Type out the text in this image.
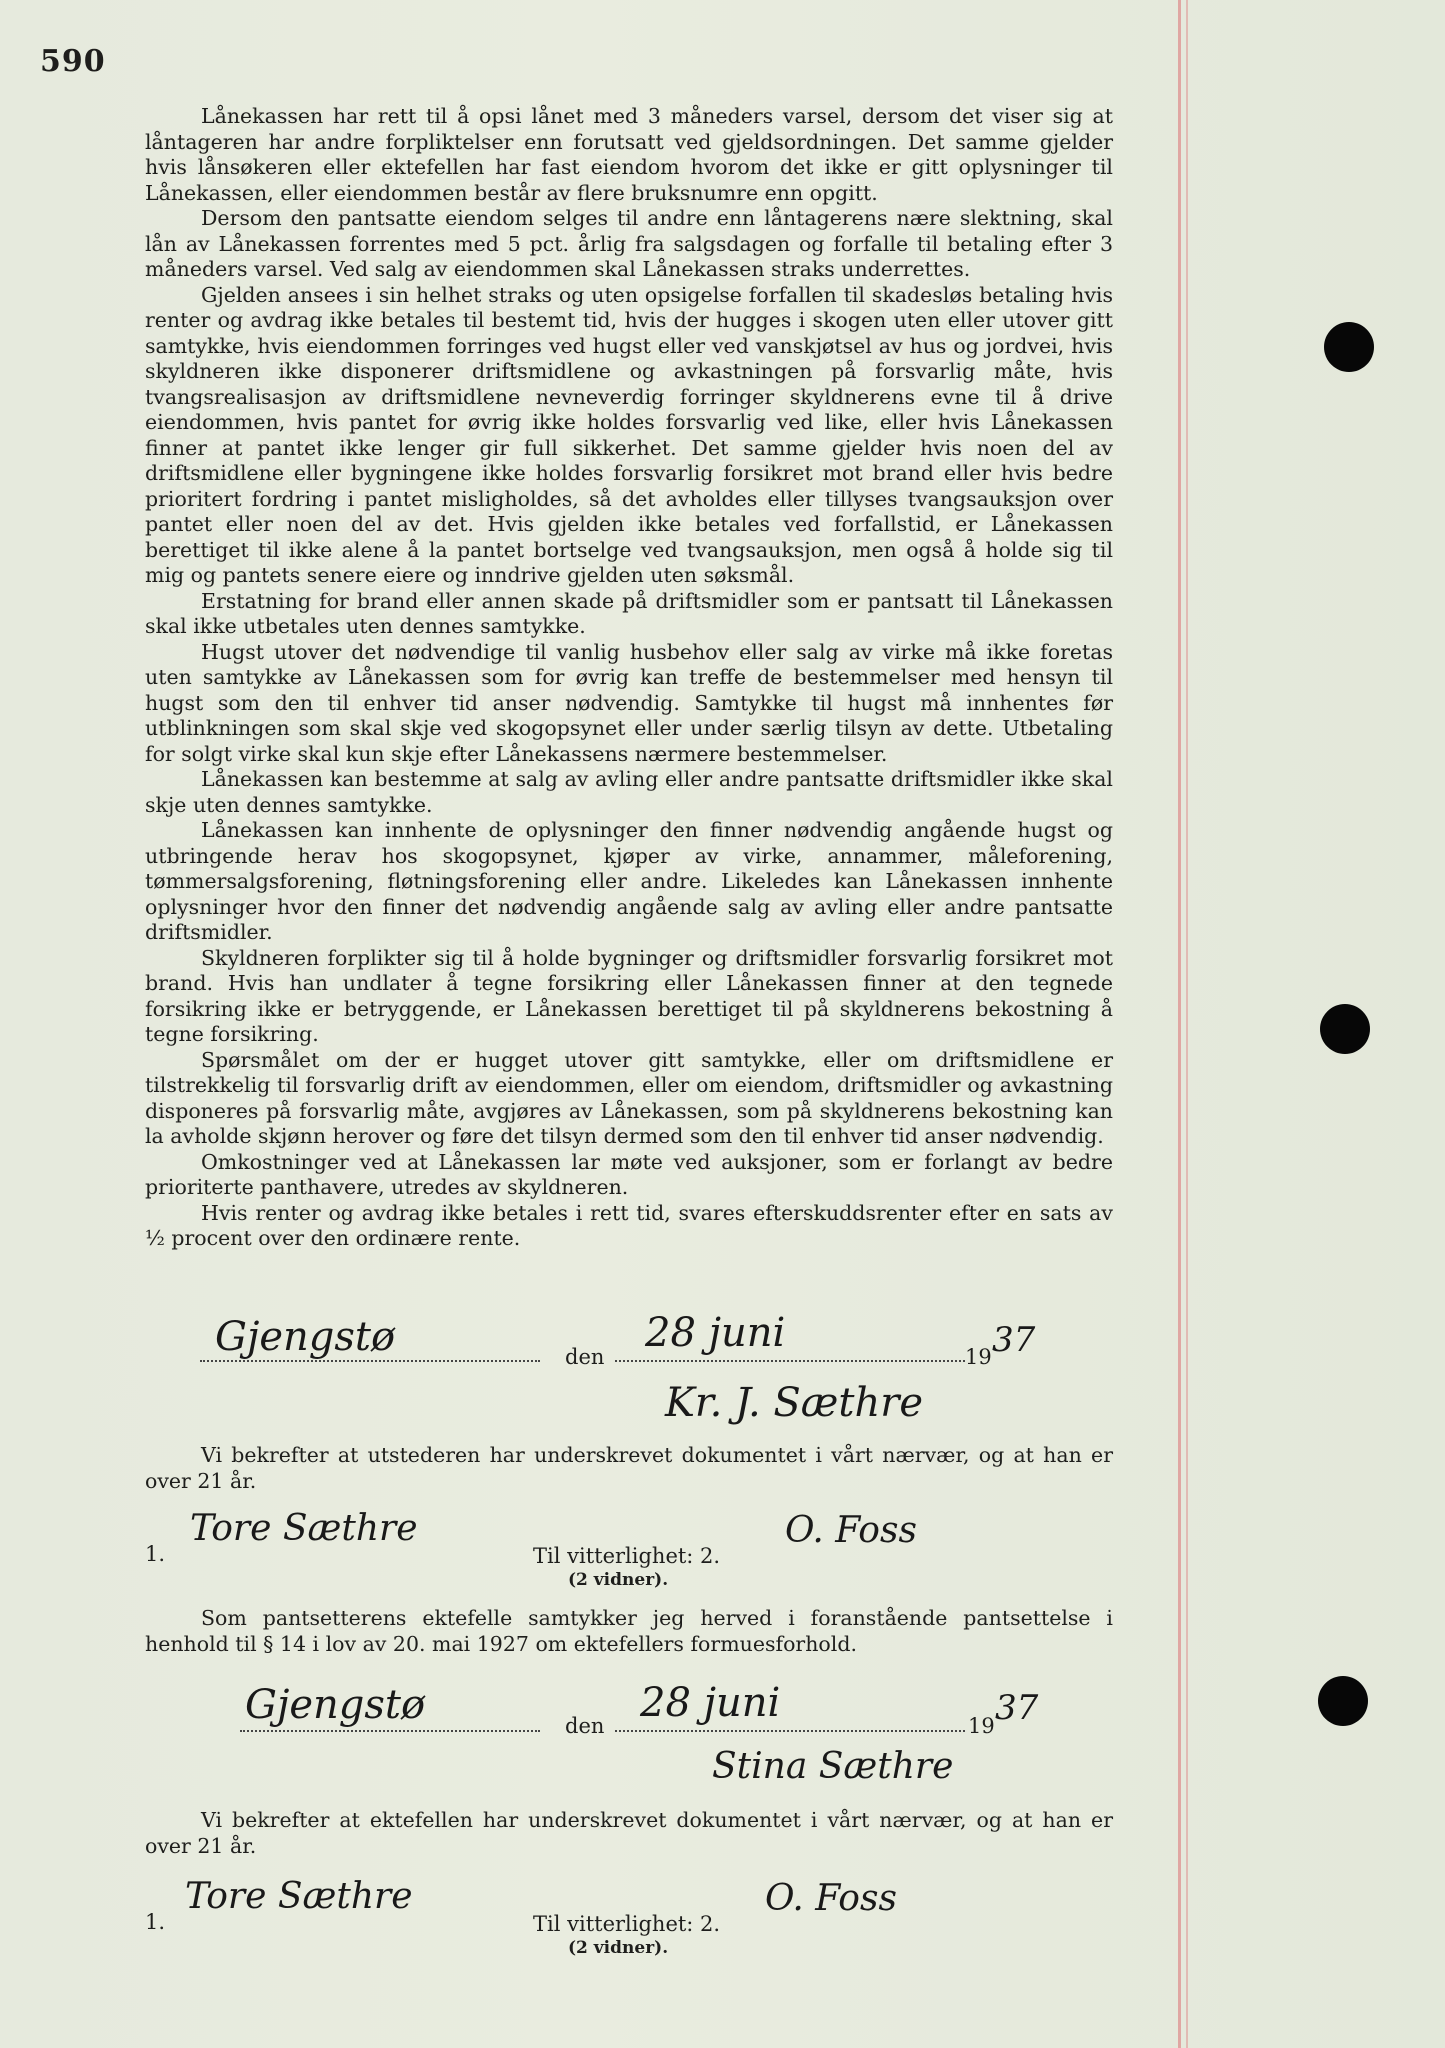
590

Lånekassen har rett til å opsi lånet med 3 måneders varsel, dersom det viser sig at låntageren har andre forpliktelser enn forutsatt ved gjeldsordningen. Det samme gjelder hvis lånsøkeren eller ektefellen har fast eiendom hvorom det ikke er gitt oplysninger til Lånekassen, eller eiendommen består av flere bruksnumre enn opgitt.

Dersom den pantsatte eiendom selges til andre enn låntagerens nære slektning, skal lån av Lånekassen forrentes med 5 pct. årlig fra salgsdagen og forfalle til betaling efter 3 måneders varsel. Ved salg av eiendommen skal Lånekassen straks underrettes.

Gjelden ansees i sin helhet straks og uten opsigelse forfallen til skadesløs betaling hvis renter og avdrag ikke betales til bestemt tid, hvis der hugges i skogen uten eller utover gitt samtykke, hvis eiendommen forringes ved hugst eller ved vanskjøtsel av hus og jordvei, hvis skyldneren ikke disponerer driftsmidlene og avkastningen på forsvarlig måte, hvis tvangsrealisasjon av driftsmidlene nevneverdig forringer skyldnerens evne til å drive eiendommen, hvis pantet for øvrig ikke holdes forsvarlig ved like, eller hvis Lånekassen finner at pantet ikke lenger gir full sikkerhet. Det samme gjelder hvis noen del av driftsmidlene eller bygningene ikke holdes forsvarlig forsikret mot brand eller hvis bedre prioritert fordring i pantet misligholdes, så det avholdes eller tillyses tvangsauksjon over pantet eller noen del av det. Hvis gjelden ikke betales ved forfallstid, er Lånekassen berettiget til ikke alene å la pantet bortselge ved tvangsauksjon, men også å holde sig til mig og pantets senere eiere og inndrive gjelden uten søksmål.

Erstatning for brand eller annen skade på driftsmidler som er pantsatt til Lånekassen skal ikke utbetales uten dennes samtykke.

Hugst utover det nødvendige til vanlig husbehov eller salg av virke må ikke foretas uten samtykke av Lånekassen som for øvrig kan treffe de bestemmelser med hensyn til hugst som den til enhver tid anser nødvendig. Samtykke til hugst må innhentes før utblinkningen som skal skje ved skogopsynet eller under særlig tilsyn av dette. Utbetaling for solgt virke skal kun skje efter Lånekassens nærmere bestemmelser.

Lånekassen kan bestemme at salg av avling eller andre pantsatte driftsmidler ikke skal skje uten dennes samtykke.

Lånekassen kan innhente de oplysninger den finner nødvendig angående hugst og utbringende herav hos skogopsynet, kjøper av virke, annammer, måleforening, tømmersalgsforening, fløtningsforening eller andre. Likeledes kan Lånekassen innhente oplysninger hvor den finner det nødvendig angående salg av avling eller andre pantsatte driftsmidler.

Skyldneren forplikter sig til å holde bygninger og driftsmidler forsvarlig forsikret mot brand. Hvis han undlater å tegne forsikring eller Lånekassen finner at den tegnede forsikring ikke er betryggende, er Lånekassen berettiget til på skyldnerens bekostning å tegne forsikring.

Spørsmålet om der er hugget utover gitt samtykke, eller om driftsmidlene er tilstrekkelig til forsvarlig drift av eiendommen, eller om eiendom, driftsmidler og avkastning disponeres på forsvarlig måte, avgjøres av Lånekassen, som på skyldnerens bekostning kan la avholde skjønn herover og føre det tilsyn dermed som den til enhver tid anser nødvendig.

Omkostninger ved at Lånekassen lar møte ved auksjoner, som er forlangt av bedre prioriterte panthavere, utredes av skyldneren.

Hvis renter og avdrag ikke betales i rett tid, svares efterskuddsrenter efter en sats av ½ procent over den ordinære rente.

Gjengstø	den
28 juni
19 37
Kr. J. Sæthre

Vi bekrefter at utstederen har underskrevet dokumentet i vårt nærvær, og at han er over 21 år.

1.
Tore Sæthre
Til vitterlighet: 2.
O. Foss
(2 vidner).

Som pantsetterens ektefelle samtykker jeg herved i foranstående pantsettelse i henhold til § 14 i lov av 20. mai 1927 om ektefellers formuesforhold.

Gjengstø	den 28 juni	19 37
Stina Sæthre

Vi bekrefter at ektefellen har underskrevet dokumentet i vårt nærvær, og at han er over 21 år.

1.
Tore Sæthre
Til vitterlighet: 2.
O. Foss
(2 vidner).
